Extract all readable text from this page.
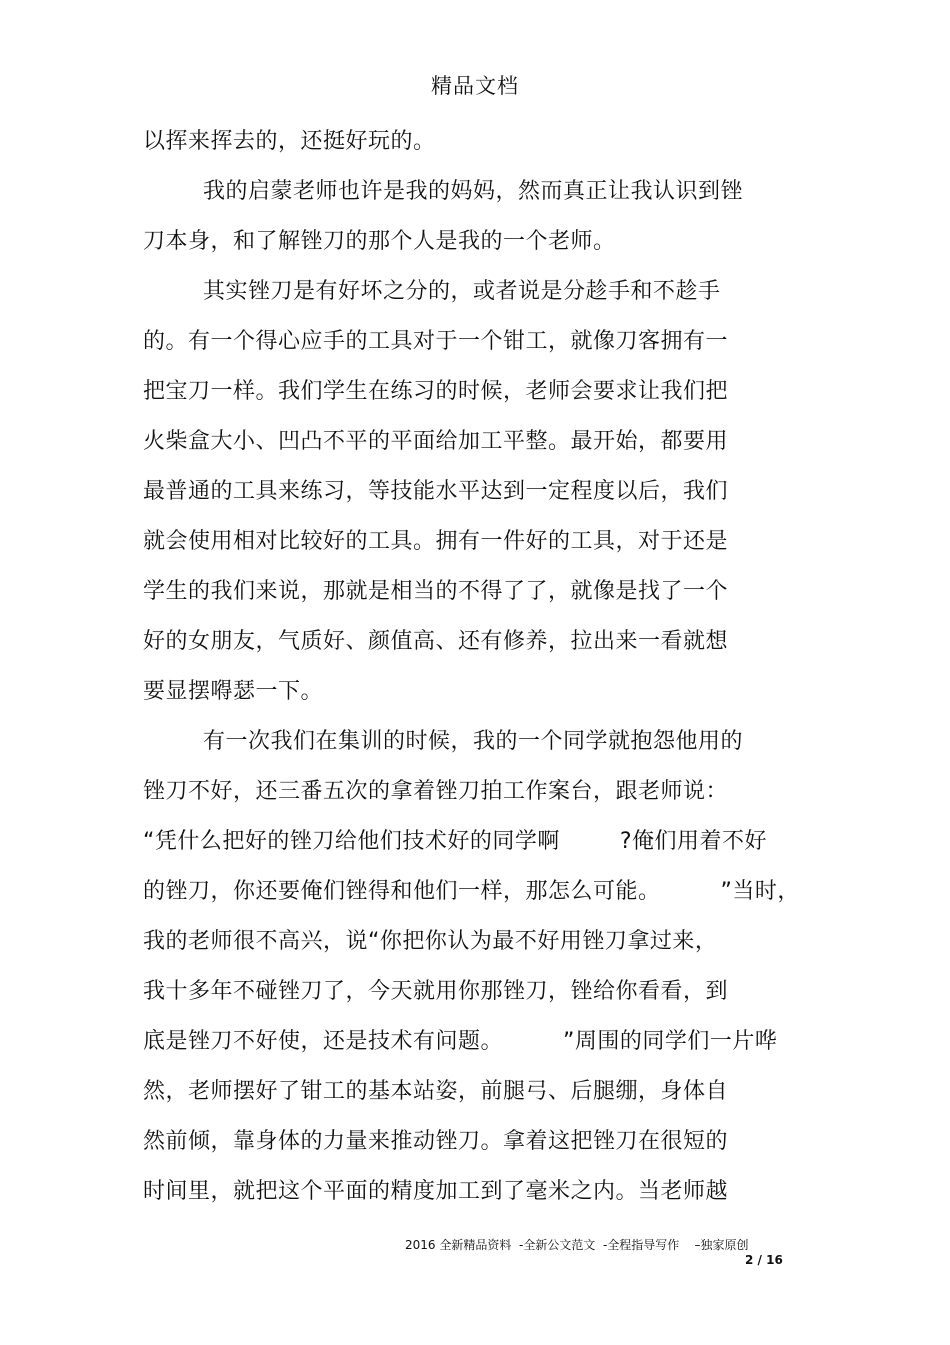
精品文档
以挥来挥去的，还挺好玩的。
我的启蒙老师也许是我的妈妈，然而真正让我认识到锉
刀本身，和了解锉刀的那个人是我的一个老师。
其实锉刀是有好坏之分的，或者说是分趁手和不趁手
的。有一个得心应手的工具对于一个钳工，就像刀客拥有一
把宝刀一样。我们学生在练习的时候，老师会要求让我们把
火柴盒大小、凹凸不平的平面给加工平整。最开始，都要用
最普通的工具来练习，等技能水平达到一定程度以后，我们
就会使用相对比较好的工具。拥有一件好的工具，对于还是
学生的我们来说，那就是相当的不得了了，就像是找了一个
好的女朋友，气质好、颜值高、还有修养，拉出来一看就想
要显摆嘚瑟一下。
有一次我们在集训的时候，我的一个同学就抱怨他用的
锉刀不好，还三番五次的拿着锉刀拍工作案台，跟老师说：
“凭什么把好的锉刀给他们技术好的同学啊        ?俺们用着不好
的锉刀，你还要俺们锉得和他们一样，那怎么可能。        ”当时，
我的老师很不高兴，说“你把你认为最不好用锉刀拿过来，
我十多年不碰锉刀了，今天就用你那锉刀，锉给你看看，到
底是锉刀不好使，还是技术有问题。        ”周围的同学们一片哗
然，老师摆好了钳工的基本站姿，前腿弓、后腿绷，身体自
然前倾，靠身体的力量来推动锉刀。拿着这把锉刀在很短的
时间里，就把这个平面的精度加工到了毫米之内。当老师越
2016 全新精品资料  -全新公文范文  -全程指导写作    –独家原创
2 / 16
